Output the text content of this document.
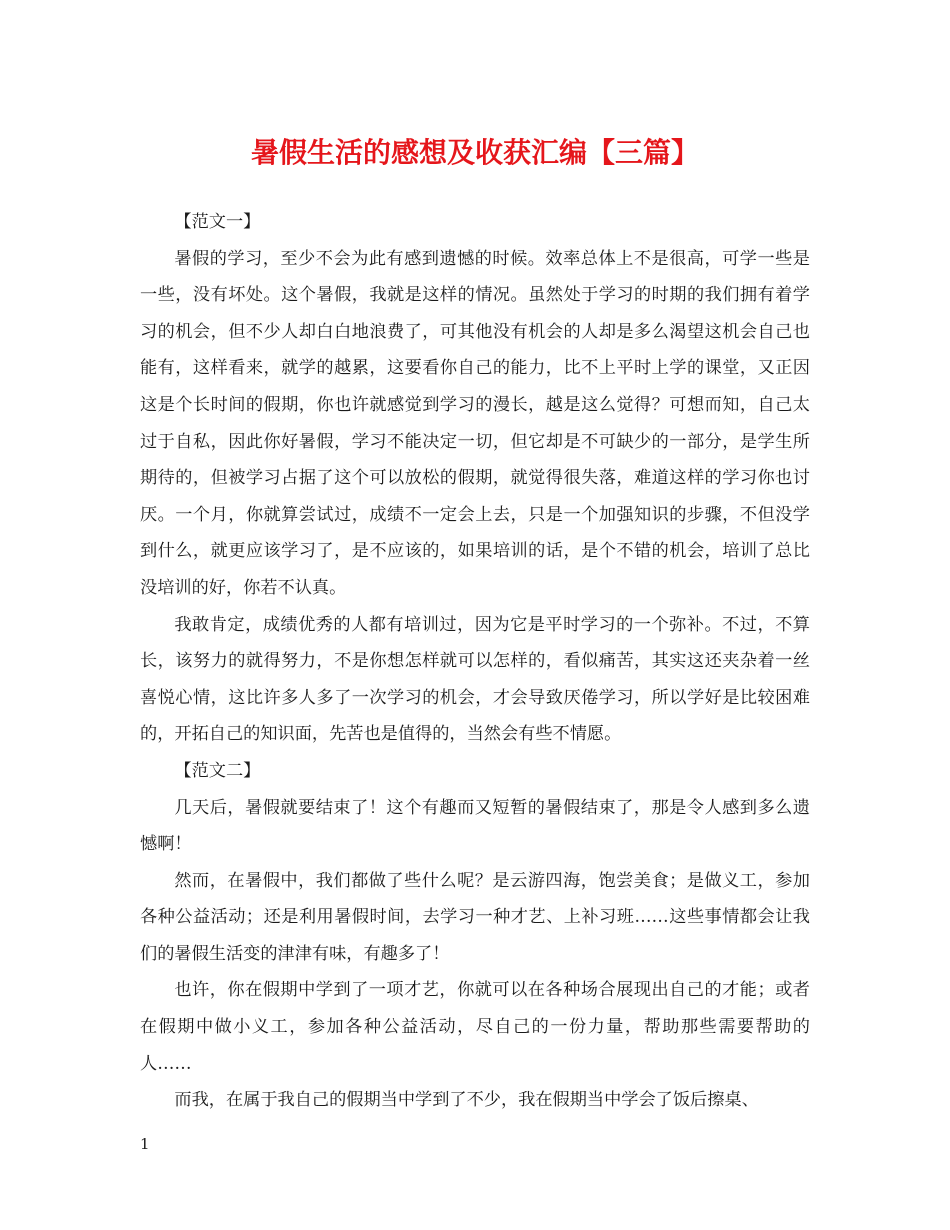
暑假生活的感想及收获汇编【三篇】

【范文一】

暑假的学习，至少不会为此有感到遗憾的时候。效率总体上不是很高，可学一些是一些，没有坏处。这个暑假，我就是这样的情况。虽然处于学习的时期的我们拥有着学习的机会，但不少人却白白地浪费了，可其他没有机会的人却是多么渴望这机会自己也能有，这样看来，就学的越累，这要看你自己的能力，比不上平时上学的课堂，又正因这是个长时间的假期，你也许就感觉到学习的漫长，越是这么觉得？可想而知，自己太过于自私，因此你好暑假，学习不能决定一切，但它却是不可缺少的一部分，是学生所期待的，但被学习占据了这个可以放松的假期，就觉得很失落，难道这样的学习你也讨厌。一个月，你就算尝试过，成绩不一定会上去，只是一个加强知识的步骤，不但没学到什么，就更应该学习了，是不应该的，如果培训的话，是个不错的机会，培训了总比没培训的好，你若不认真。

我敢肯定，成绩优秀的人都有培训过，因为它是平时学习的一个弥补。不过，不算长，该努力的就得努力，不是你想怎样就可以怎样的，看似痛苦，其实这还夹杂着一丝喜悦心情，这比许多人多了一次学习的机会，才会导致厌倦学习，所以学好是比较困难的，开拓自己的知识面，先苦也是值得的，当然会有些不情愿。

【范文二】

几天后，暑假就要结束了！这个有趣而又短暂的暑假结束了，那是令人感到多么遗憾啊！

然而，在暑假中，我们都做了些什么呢？是云游四海，饱尝美食；是做义工，参加各种公益活动；还是利用暑假时间，去学习一种才艺、上补习班……这些事情都会让我们的暑假生活变的津津有味，有趣多了！

也许，你在假期中学到了一项才艺，你就可以在各种场合展现出自己的才能；或者在假期中做小义工，参加各种公益活动，尽自己的一份力量，帮助那些需要帮助的人……

而我，在属于我自己的假期当中学到了不少，我在假期当中学会了饭后擦桌、

1
